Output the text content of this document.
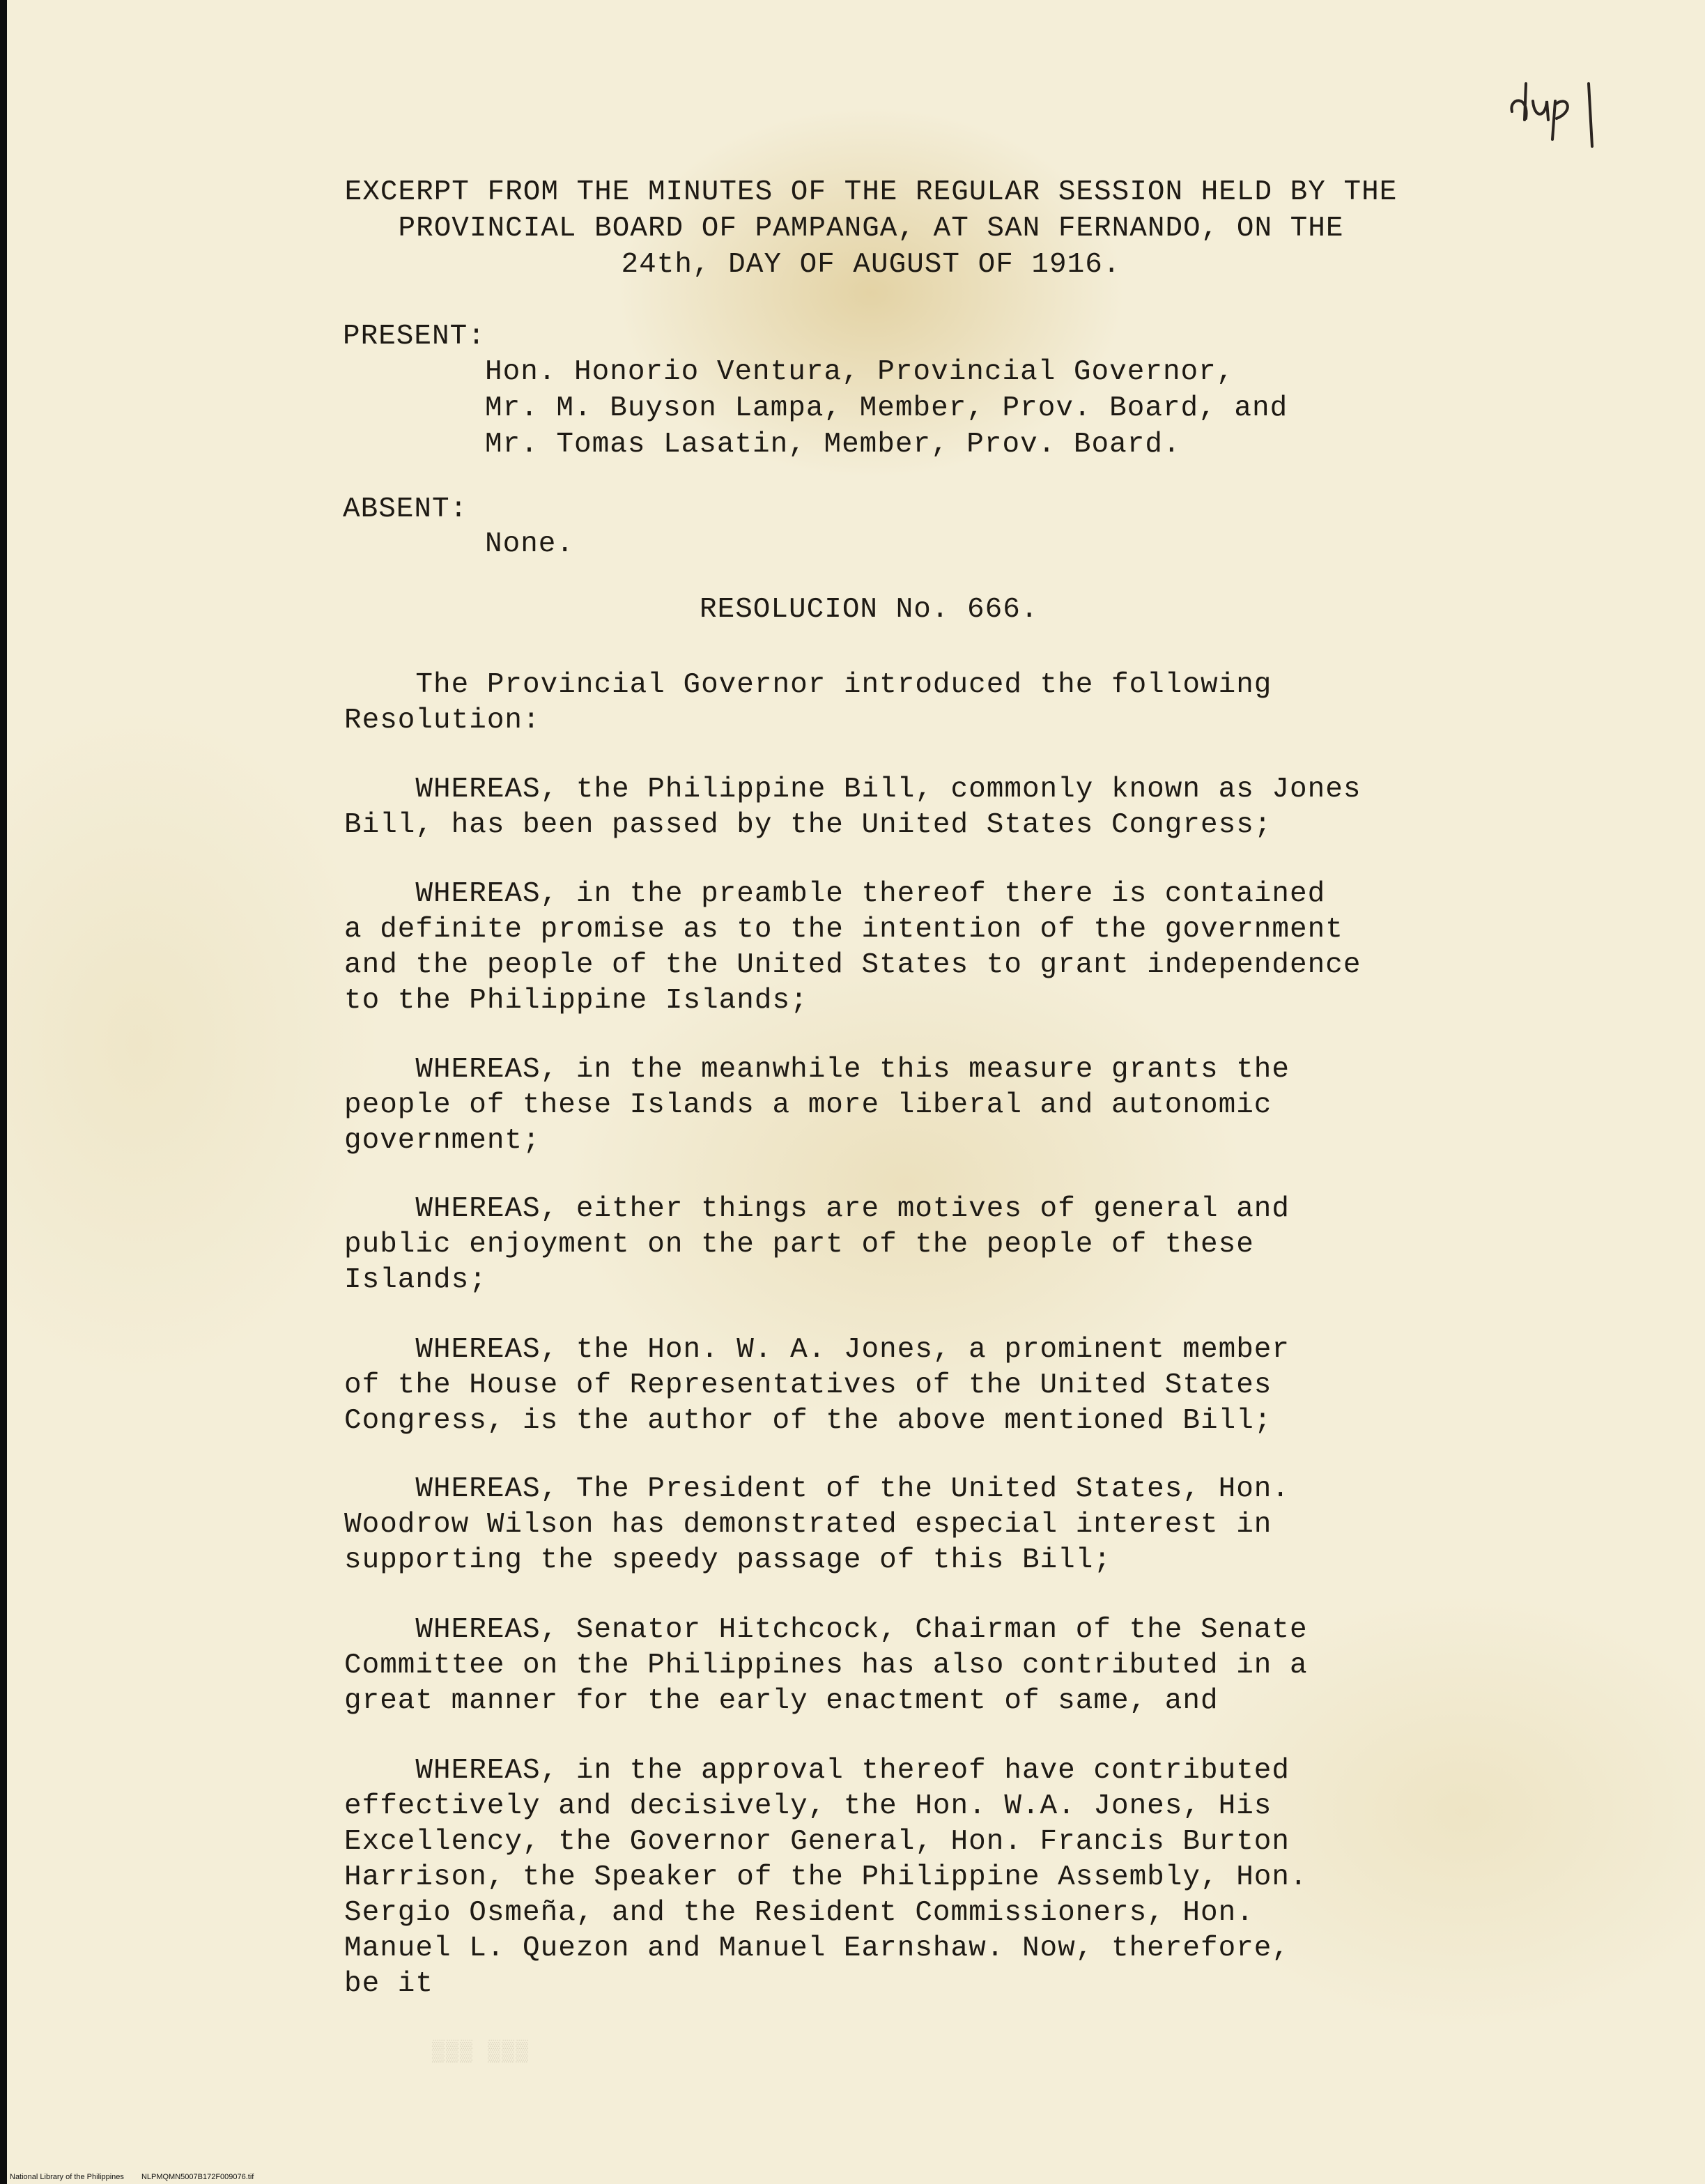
EXCERPT FROM THE MINUTES OF THE REGULAR SESSION HELD BY THE
PROVINCIAL BOARD OF PAMPANGA, AT SAN FERNANDO, ON THE
24th, DAY OF AUGUST OF 1916.
PRESENT:
Hon. Honorio Ventura, Provincial Governor,
Mr. M. Buyson Lampa, Member, Prov. Board, and
Mr. Tomas Lasatin, Member, Prov. Board.
ABSENT:
None.
RESOLUCION No. 666.
The Provincial Governor introduced the following
Resolution:
WHEREAS, the Philippine Bill, commonly known as Jones
Bill, has been passed by the United States Congress;
WHEREAS, in the preamble thereof there is contained
a definite promise as to the intention of the government
and the people of the United States to grant independence
to the Philippine Islands;
WHEREAS, in the meanwhile this measure grants the
people of these Islands a more liberal and autonomic
government;
WHEREAS, either things are motives of general and
public enjoyment on the part of the people of these
Islands;
WHEREAS, the Hon. W. A. Jones, a prominent member
of the House of Representatives of the United States
Congress, is the author of the above mentioned Bill;
WHEREAS, The President of the United States, Hon.
Woodrow Wilson has demonstrated especial interest in
supporting the speedy passage of this Bill;
WHEREAS, Senator Hitchcock, Chairman of the Senate
Committee on the Philippines has also contributed in a
great manner for the early enactment of same, and
WHEREAS, in the approval thereof have contributed
effectively and decisively, the Hon. W.A. Jones, His
Excellency, the Governor General, Hon. Francis Burton
Harrison, the Speaker of the Philippine Assembly, Hon.
Sergio Osmeña, and the Resident Commissioners, Hon.
Manuel L. Quezon and Manuel Earnshaw. Now, therefore,
be it
▒▒▒ ▒▒▒
National Library of the Philippines NLPMQMN5007B172F009076.tif
